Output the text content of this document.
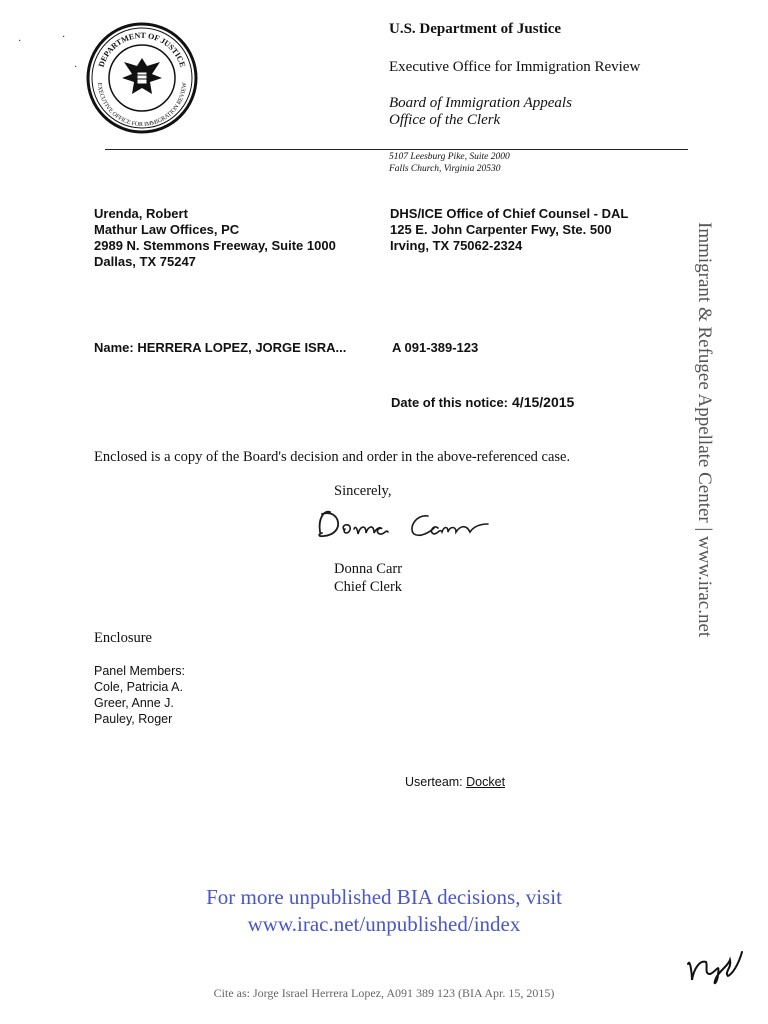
DEPARTMENT OF JUSTICE
EXECUTIVE OFFICE FOR IMMIGRATION REVIEW
·	·
·
U.S. Department of Justice
Executive Office for Immigration Review
Board of Immigration Appeals
Office of the Clerk
5107 Leesburg Pike, Suite 2000
Falls Church, Virginia 20530
Urenda, Robert
Mathur Law Offices, PC
2989 N. Stemmons Freeway, Suite 1000
Dallas, TX 75247
DHS/ICE Office of Chief Counsel - DAL
125 E. John Carpenter Fwy, Ste. 500
Irving, TX 75062-2324
Name: HERRERA LOPEZ, JORGE ISRA...	A 091-389-123
Date of this notice: 4/15/2015
Enclosed is a copy of the Board's decision and order in the above-referenced case.
Sincerely,
Donna Carr
Donna Carr
Chief Clerk
Enclosure
Panel Members:
Cole, Patricia A.
Greer, Anne J.
Pauley, Roger
Userteam: Docket
For more unpublished BIA decisions, visit
www.irac.net/unpublished/index
Cite as: Jorge Israel Herrera Lopez, A091 389 123 (BIA Apr. 15, 2015)
Immigrant & Refugee Appellate Center | www.irac.net
